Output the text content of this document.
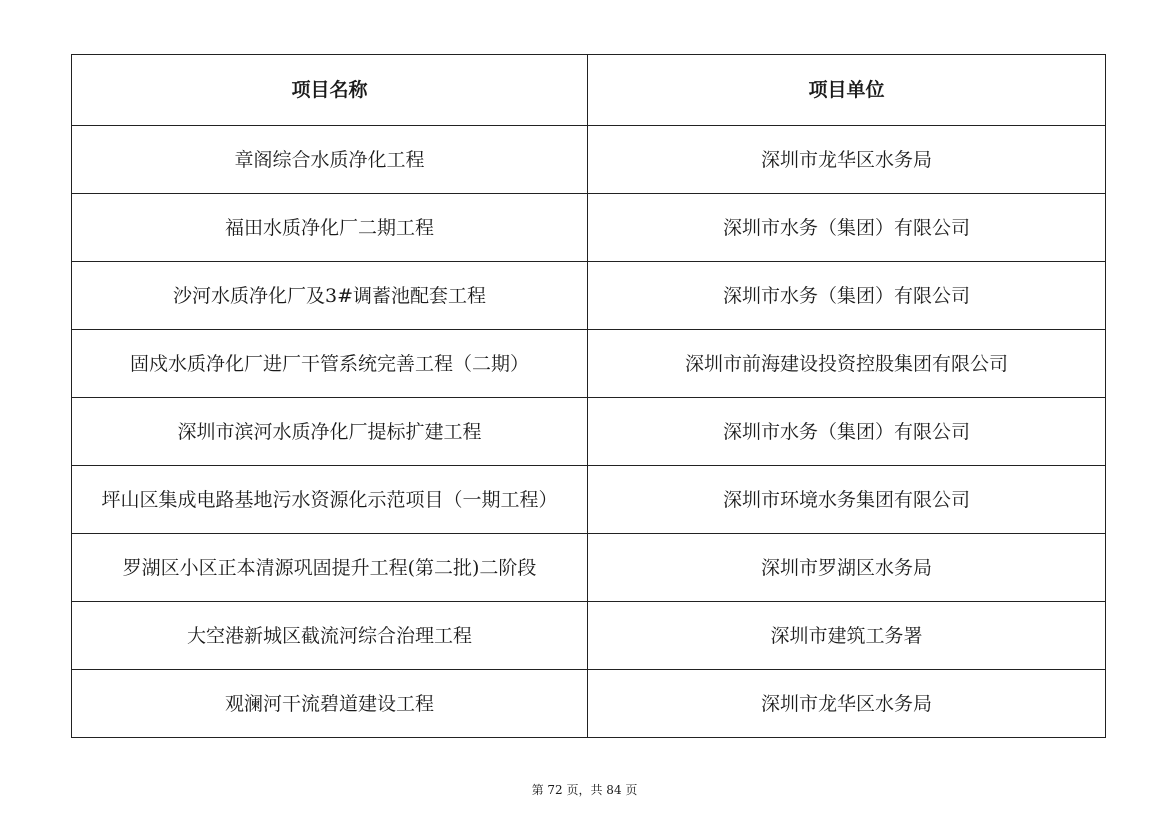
项目名称	项目单位
章阁综合水质净化工程	深圳市龙华区水务局
福田水质净化厂二期工程	深圳市水务（集团）有限公司
沙河水质净化厂及3#调蓄池配套工程	深圳市水务（集团）有限公司
固戍水质净化厂进厂干管系统完善工程（二期）	深圳市前海建设投资控股集团有限公司
深圳市滨河水质净化厂提标扩建工程	深圳市水务（集团）有限公司
坪山区集成电路基地污水资源化示范项目（一期工程）	深圳市环境水务集团有限公司
罗湖区小区正本清源巩固提升工程(第二批)二阶段	深圳市罗湖区水务局
大空港新城区截流河综合治理工程	深圳市建筑工务署
观澜河干流碧道建设工程	深圳市龙华区水务局
第 72 页，共 84 页
